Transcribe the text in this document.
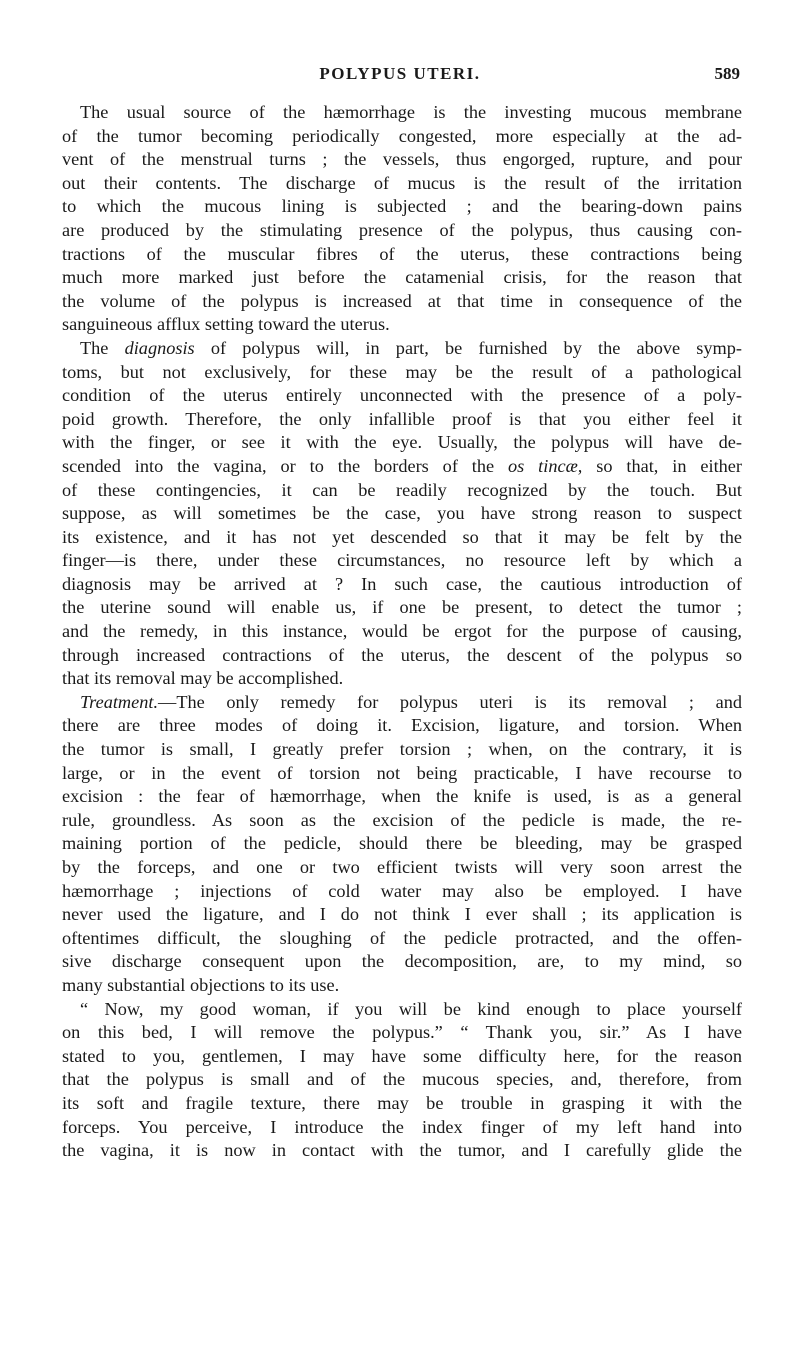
POLYPUS UTERI.	589
The usual source of the hæmorrhage is the investing mucous membrane
of the tumor becoming periodically congested, more especially at the ad-
vent of the menstrual turns ; the vessels, thus engorged, rupture, and pour
out their contents. The discharge of mucus is the result of the irritation
to which the mucous lining is subjected ; and the bearing-down pains
are produced by the stimulating presence of the polypus, thus causing con-
tractions of the muscular fibres of the uterus, these contractions being
much more marked just before the catamenial crisis, for the reason that
the volume of the polypus is increased at that time in consequence of the
sanguineous afflux setting toward the uterus.
The diagnosis of polypus will, in part, be furnished by the above symp-
toms, but not exclusively, for these may be the result of a pathological
condition of the uterus entirely unconnected with the presence of a poly-
poid growth. Therefore, the only infallible proof is that you either feel it
with the finger, or see it with the eye. Usually, the polypus will have de-
scended into the vagina, or to the borders of the os tincæ, so that, in either
of these contingencies, it can be readily recognized by the touch. But
suppose, as will sometimes be the case, you have strong reason to suspect
its existence, and it has not yet descended so that it may be felt by the
finger—is there, under these circumstances, no resource left by which a
diagnosis may be arrived at ? In such case, the cautious introduction of
the uterine sound will enable us, if one be present, to detect the tumor ;
and the remedy, in this instance, would be ergot for the purpose of causing,
through increased contractions of the uterus, the descent of the polypus so
that its removal may be accomplished.
Treatment.—The only remedy for polypus uteri is its removal ; and
there are three modes of doing it. Excision, ligature, and torsion. When
the tumor is small, I greatly prefer torsion ; when, on the contrary, it is
large, or in the event of torsion not being practicable, I have recourse to
excision : the fear of hæmorrhage, when the knife is used, is as a general
rule, groundless. As soon as the excision of the pedicle is made, the re-
maining portion of the pedicle, should there be bleeding, may be grasped
by the forceps, and one or two efficient twists will very soon arrest the
hæmorrhage ; injections of cold water may also be employed. I have
never used the ligature, and I do not think I ever shall ; its application is
oftentimes difficult, the sloughing of the pedicle protracted, and the offen-
sive discharge consequent upon the decomposition, are, to my mind, so
many substantial objections to its use.
“ Now, my good woman, if you will be kind enough to place yourself
on this bed, I will remove the polypus.” “ Thank you, sir.” As I have
stated to you, gentlemen, I may have some difficulty here, for the reason
that the polypus is small and of the mucous species, and, therefore, from
its soft and fragile texture, there may be trouble in grasping it with the
forceps. You perceive, I introduce the index finger of my left hand into
the vagina, it is now in contact with the tumor, and I carefully glide the
